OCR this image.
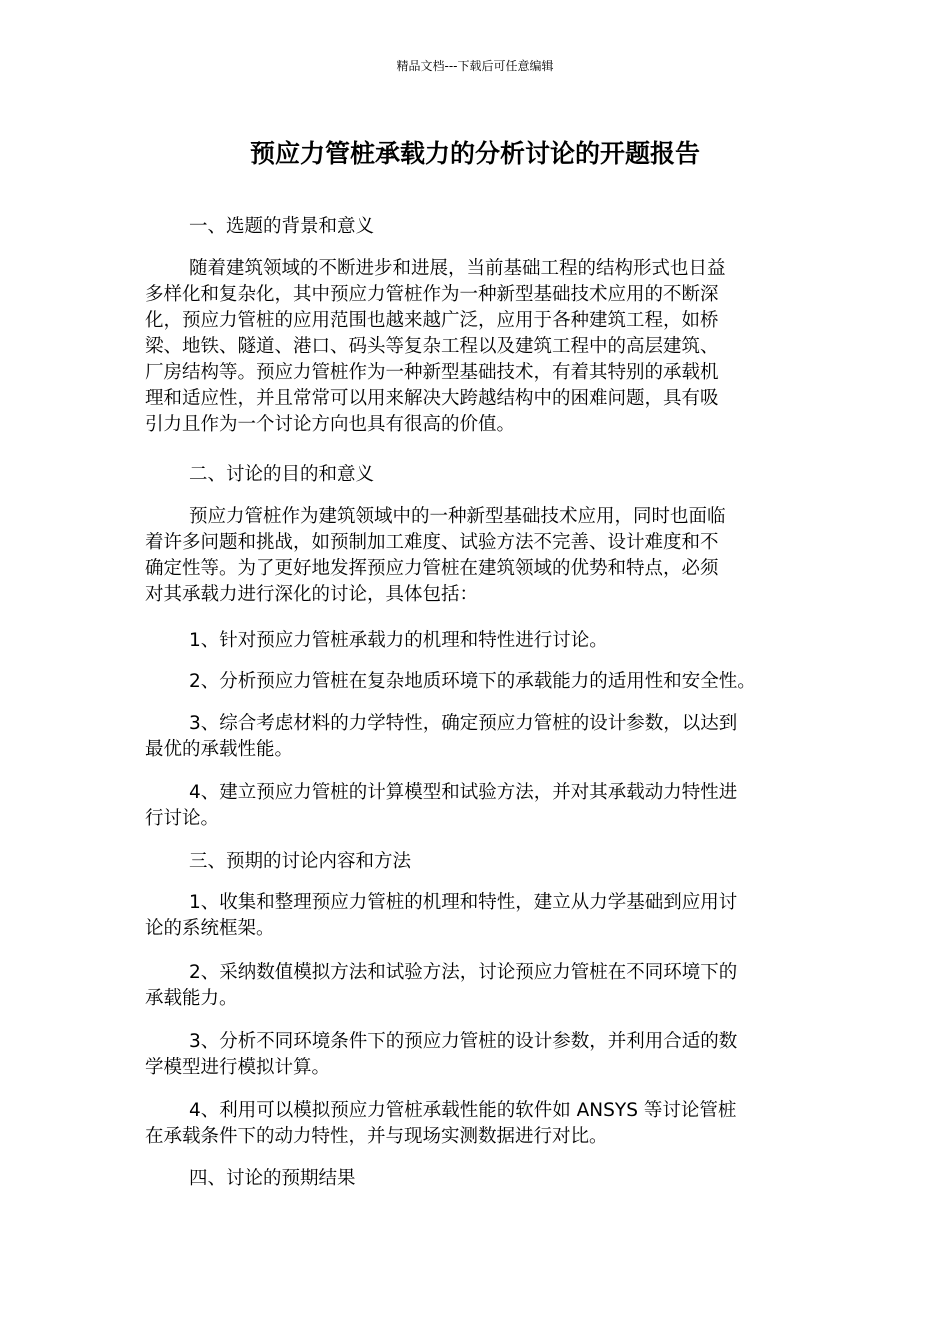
精品文档---下载后可任意编辑
预应力管桩承载力的分析讨论的开题报告
一、选题的背景和意义
随着建筑领域的不断进步和进展，当前基础工程的结构形式也日益
多样化和复杂化，其中预应力管桩作为一种新型基础技术应用的不断深
化，预应力管桩的应用范围也越来越广泛，应用于各种建筑工程，如桥
梁、地铁、隧道、港口、码头等复杂工程以及建筑工程中的高层建筑、
厂房结构等。预应力管桩作为一种新型基础技术，有着其特别的承载机
理和适应性，并且常常可以用来解决大跨越结构中的困难问题，具有吸
引力且作为一个讨论方向也具有很高的价值。
二、讨论的目的和意义
预应力管桩作为建筑领域中的一种新型基础技术应用，同时也面临
着许多问题和挑战，如预制加工难度、试验方法不完善、设计难度和不
确定性等。为了更好地发挥预应力管桩在建筑领域的优势和特点，必须
对其承载力进行深化的讨论，具体包括：
1、针对预应力管桩承载力的机理和特性进行讨论。
2、分析预应力管桩在复杂地质环境下的承载能力的适用性和安全性。
3、综合考虑材料的力学特性，确定预应力管桩的设计参数，以达到
最优的承载性能。
4、建立预应力管桩的计算模型和试验方法，并对其承载动力特性进
行讨论。
三、预期的讨论内容和方法
1、收集和整理预应力管桩的机理和特性，建立从力学基础到应用讨
论的系统框架。
2、采纳数值模拟方法和试验方法，讨论预应力管桩在不同环境下的
承载能力。
3、分析不同环境条件下的预应力管桩的设计参数，并利用合适的数
学模型进行模拟计算。
4、利用可以模拟预应力管桩承载性能的软件如 ANSYS 等讨论管桩
在承载条件下的动力特性，并与现场实测数据进行对比。
四、讨论的预期结果
